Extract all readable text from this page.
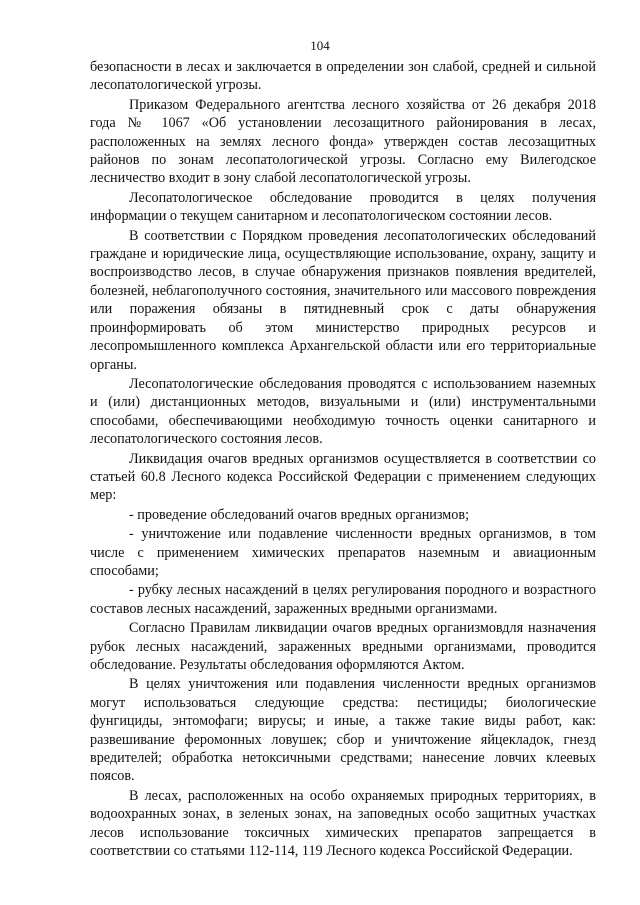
104

безопасности в лесах и заключается в определении зон слабой, средней и сильной лесопатологической угрозы.

Приказом Федерального агентства лесного хозяйства от 26 декабря 2018 года № 1067 «Об установлении лесозащитного районирования в лесах, расположенных на землях лесного фонда» утвержден состав лесозащитных районов по зонам лесопатологической угрозы. Согласно ему Вилегодское лесничество входит в зону слабой лесопатологической угрозы.

Лесопатологическое обследование проводится в целях получения информации о текущем санитарном и лесопатологическом состоянии лесов.

В соответствии с Порядком проведения лесопатологических обследований граждане и юридические лица, осуществляющие использование, охрану, защиту и воспроизводство лесов, в случае обнаружения признаков появления вредителей, болезней, неблагополучного состояния, значительного или массового повреждения или поражения обязаны в пятидневный срок с даты обнаружения проинформировать об этом министерство природных ресурсов и лесопромышленного комплекса Архангельской области или его территориальные органы.

Лесопатологические обследования проводятся с использованием наземных и (или) дистанционных методов, визуальными и (или) инструментальными способами, обеспечивающими необходимую точность оценки санитарного и лесопатологического состояния лесов.

Ликвидация очагов вредных организмов осуществляется в соответствии со статьей 60.8 Лесного кодекса Российской Федерации с применением следующих мер:

- проведение обследований очагов вредных организмов;

- уничтожение или подавление численности вредных организмов, в том числе с применением химических препаратов наземным и авиационным способами;

- рубку лесных насаждений в целях регулирования породного и возрастного составов лесных насаждений, зараженных вредными организмами.

Согласно Правилам ликвидации очагов вредных организмовдля назначения рубок лесных насаждений, зараженных вредными организмами, проводится обследование. Результаты обследования оформляются Актом.

В целях уничтожения или подавления численности вредных организмов могут использоваться следующие средства: пестициды; биологические фунгициды, энтомофаги; вирусы; и иные, а также такие виды работ, как: развешивание феромонных ловушек; сбор и уничтожение яйцекладок, гнезд вредителей; обработка нетоксичными средствами; нанесение ловчих клеевых поясов.

В лесах, расположенных на особо охраняемых природных территориях, в водоохранных зонах, в зеленых зонах, на заповедных особо защитных участках лесов использование токсичных химических препаратов запрещается в соответствии со статьями 112-114, 119 Лесного кодекса Российской Федерации.
